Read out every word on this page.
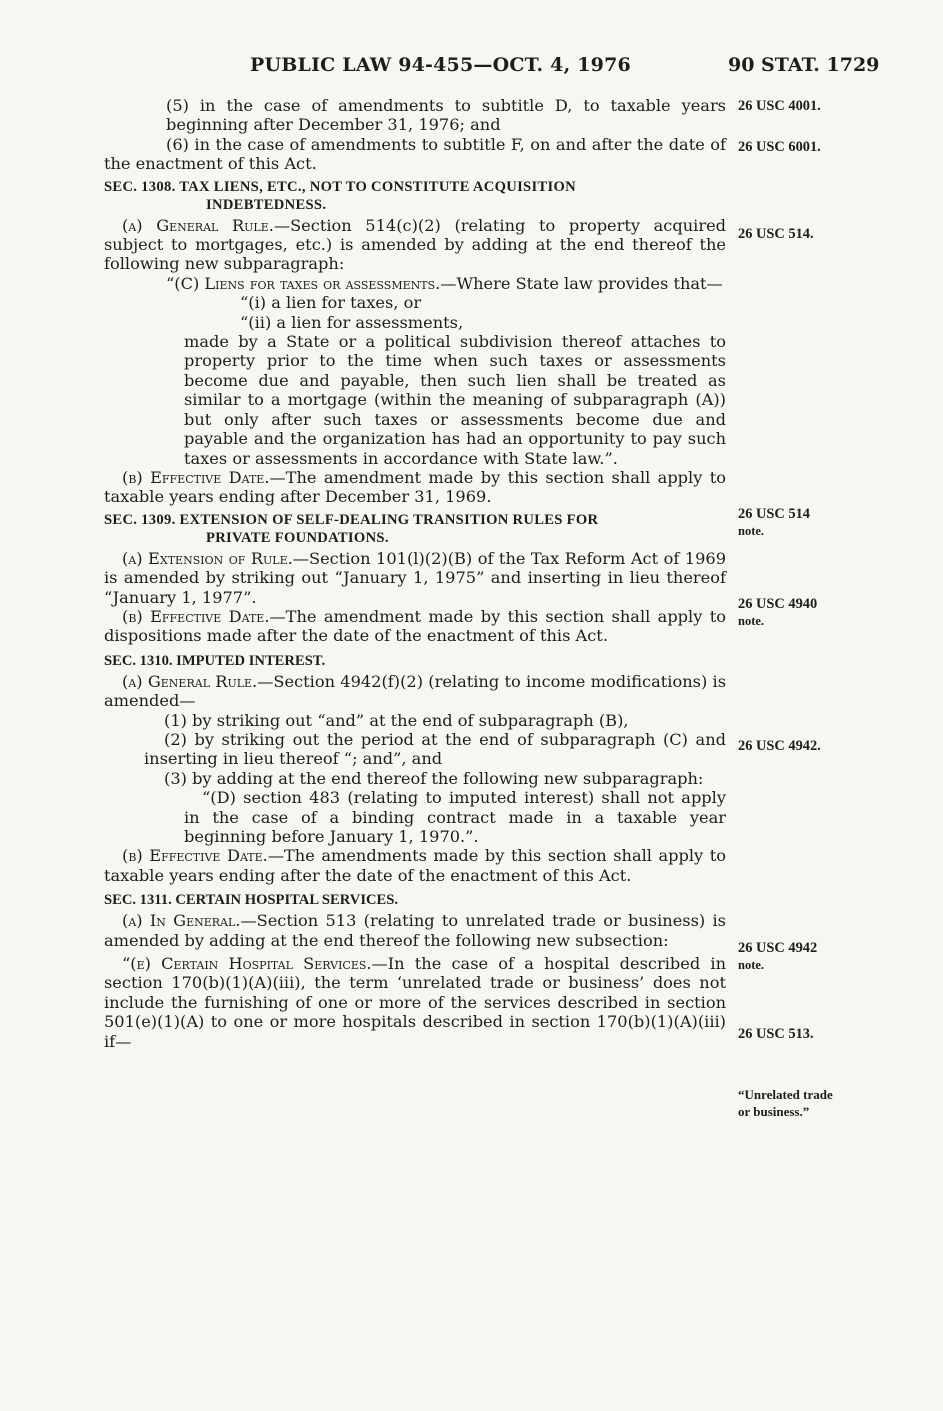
PUBLIC LAW 94-455—OCT. 4, 1976	90 STAT. 1729

(5) in the case of amendments to subtitle D, to taxable years beginning after December 31, 1976; and

(6) in the case of amendments to subtitle F, on and after the date of the enactment of this Act.

SEC. 1308. TAX LIENS, ETC., NOT TO CONSTITUTE ACQUISITION
INDEBTEDNESS.

(a) General Rule.—Section 514(c)(2) (relating to property acquired subject to mortgages, etc.) is amended by adding at the end thereof the following new subparagraph:

“(C) Liens for taxes or assessments.—Where State law provides that—

“(i) a lien for taxes, or

“(ii) a lien for assessments,

made by a State or a political subdivision thereof attaches to property prior to the time when such taxes or assessments become due and payable, then such lien shall be treated as similar to a mortgage (within the meaning of subparagraph (A)) but only after such taxes or assessments become due and payable and the organization has had an opportunity to pay such taxes or assessments in accordance with State law.”.

(b) Effective Date.—The amendment made by this section shall apply to taxable years ending after December 31, 1969.

SEC. 1309. EXTENSION OF SELF-DEALING TRANSITION RULES FOR
PRIVATE FOUNDATIONS.

(a) Extension of Rule.—Section 101(l)(2)(B) of the Tax Reform Act of 1969 is amended by striking out “January 1, 1975” and inserting in lieu thereof “January 1, 1977”.

(b) Effective Date.—The amendment made by this section shall apply to dispositions made after the date of the enactment of this Act.

SEC. 1310. IMPUTED INTEREST.

(a) General Rule.—Section 4942(f)(2) (relating to income modifications) is amended—

(1) by striking out “and” at the end of subparagraph (B),

(2) by striking out the period at the end of subparagraph (C) and inserting in lieu thereof “; and”, and

(3) by adding at the end thereof the following new subparagraph:

“(D) section 483 (relating to imputed interest) shall not apply in the case of a binding contract made in a taxable year beginning before January 1, 1970.”.

(b) Effective Date.—The amendments made by this section shall apply to taxable years ending after the date of the enactment of this Act.

SEC. 1311. CERTAIN HOSPITAL SERVICES.

(a) In General.—Section 513 (relating to unrelated trade or business) is amended by adding at the end thereof the following new subsection:

“(e) Certain Hospital Services.—In the case of a hospital described in section 170(b)(1)(A)(iii), the term ‘unrelated trade or business’ does not include the furnishing of one or more of the services described in section 501(e)(1)(A) to one or more hospitals described in section 170(b)(1)(A)(iii) if—

26 USC 4001.
26 USC 6001.
26 USC 514.
26 USC 514
note.
26 USC 4940
note.
26 USC 4942.
26 USC 4942
note.
26 USC 513.
“Unrelated trade
or business.”
